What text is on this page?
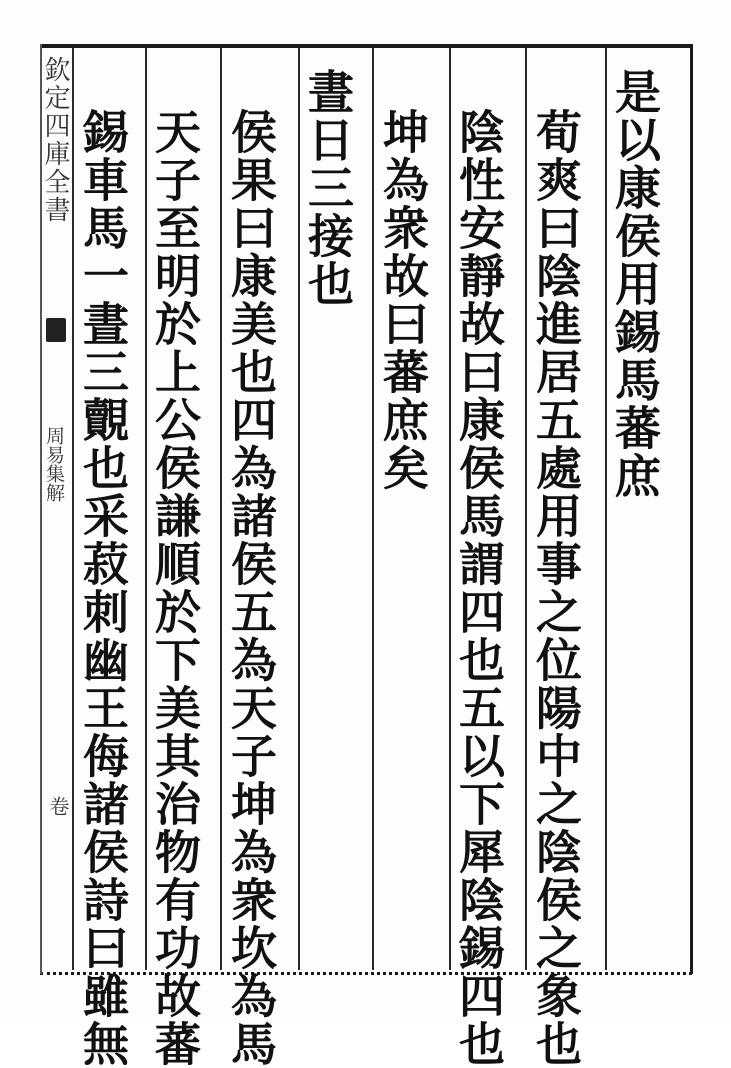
欽定四庫全書
周易集解
卷
是以康侯用錫馬蕃庶
荀爽曰陰進居五處用事之位陽中之陰侯之象也
陰性安靜故曰康侯馬謂四也五以下犀陰錫四也
坤為衆故曰蕃庶矣
晝日三接也
侯果曰康美也四為諸侯五為天子坤為衆坎為馬
天子至明於上公侯謙順於下美其治物有功故蕃
錫車馬一晝三覿也采菽刺幽王侮諸侯詩曰雖無
